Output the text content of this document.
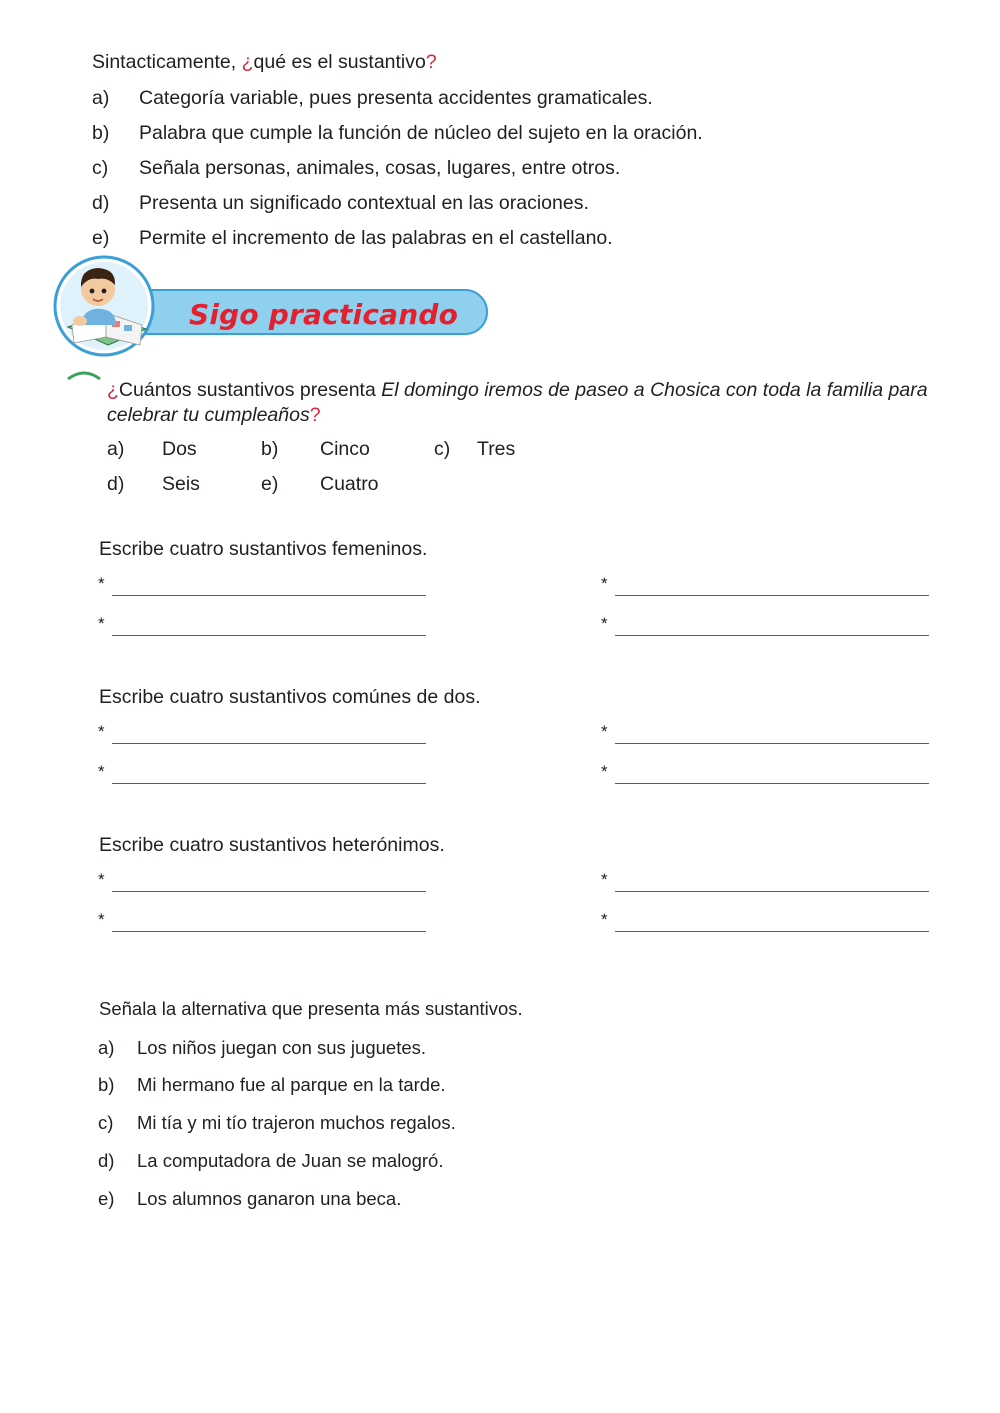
Sintacticamente, ¿qué es el sustantivo?
a) Categoría variable, pues presenta accidentes gramaticales.
b) Palabra que cumple la función de núcleo del sujeto en la oración.
c) Señala personas, animales, cosas, lugares, entre otros.
d) Presenta un significado contextual en las oraciones.
e) Permite el incremento de las palabras en el castellano.
Sigo practicando
¿Cuántos sustantivos presenta El domingo iremos de paseo a Chosica con toda la familia para
celebrar tu cumpleaños?
a) Dos	b) Cinco	c) Tres
d) Seis	e) Cuatro
Escribe cuatro sustantivos femeninos.
*	*
*	*
Escribe cuatro sustantivos comúnes de dos.
*	*
*	*
Escribe cuatro sustantivos heterónimos.
*	*
*	*
Señala la alternativa que presenta más sustantivos.
a) Los niños juegan con sus juguetes.
b) Mi hermano fue al parque en la tarde.
c) Mi tía y mi tío trajeron muchos regalos.
d) La computadora de Juan se malogró.
e) Los alumnos ganaron una beca.
